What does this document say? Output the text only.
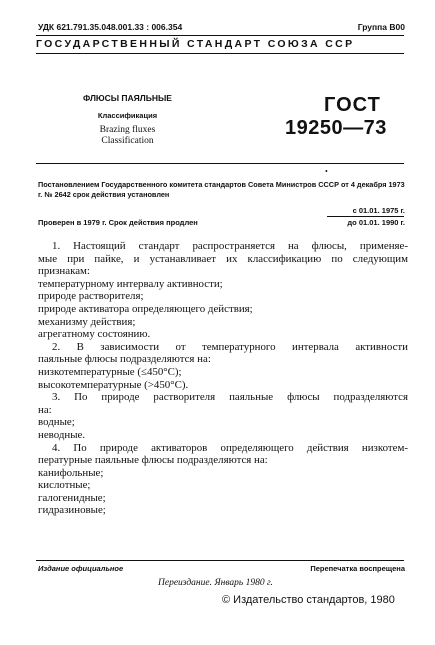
УДК 621.791.35.048.001.33 : 006.354	Группа В00
ГОСУДАРСТВЕННЫЙ СТАНДАРТ СОЮЗА ССР
ФЛЮСЫ ПАЯЛЬНЫЕ
Классификация
Brazing fluxes
Classification
ГОСТ
19250—73
•
Постановлением Государственного комитета стандартов Совета Министров СССР от 4 декабря 1973 г. № 2642 срок действия установлен
с 01.01. 1975 г.
Проверен в 1979 г. Срок действия продлен	до 01.01. 1990 г.
1. Настоящий стандарт распространяется на флюсы, применяе-
мые при пайке, и устанавливает их классификацию по следующим
признакам:
температурному интервалу активности;
природе растворителя;
природе активатора определяющего действия;
механизму действия;
агрегатному состоянию.
2. В зависимости от температурного интервала активности
паяльные флюсы подразделяются на:
низкотемпературные (≤450°С);
высокотемпературные (>450°С).
3. По природе растворителя паяльные флюсы подразделяются
на:
водные;
неводные.
4. По природе активаторов определяющего действия низкотем-
пературные паяльные флюсы подразделяются на:
канифольные;
кислотные;
галогенидные;
гидразиновые;
Издание официальное	Перепечатка воспрещена
Переиздание. Январь 1980 г.
© Издательство стандартов, 1980
